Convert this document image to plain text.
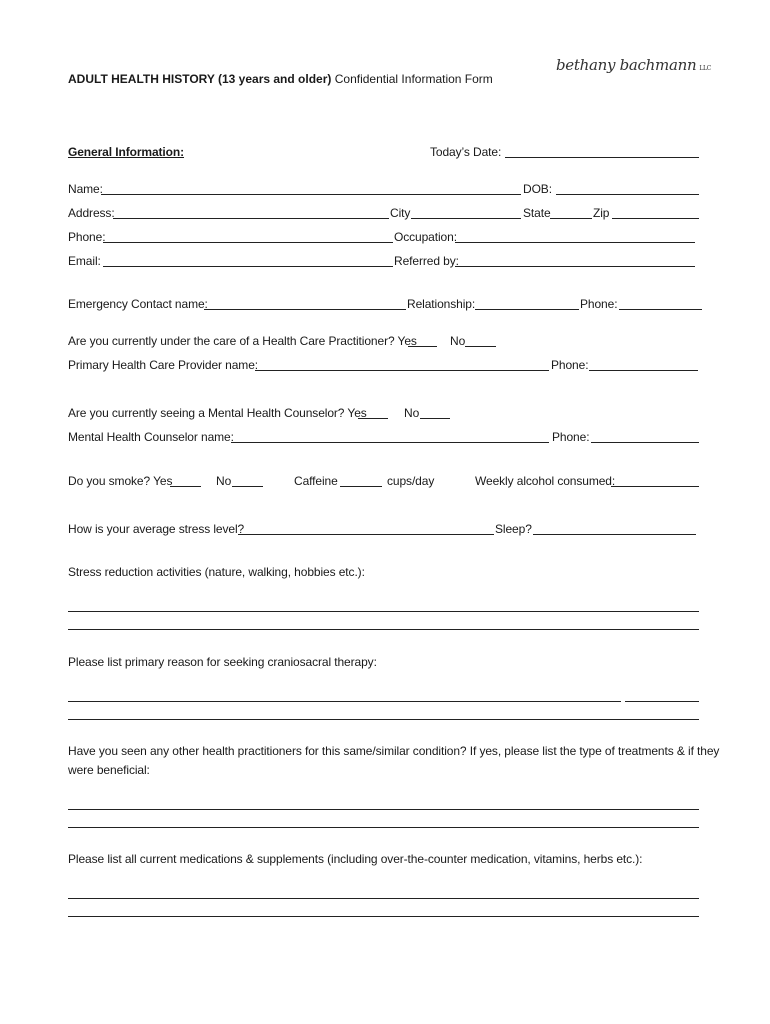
ADULT HEALTH HISTORY (13 years and older) Confidential Information Form
bethany bachmann LLC
General Information:	Today’s Date:
Name:	DOB:
Address:	City	State	Zip
Phone:	Occupation:
Email:	Referred by:
Emergency Contact name:	Relationship:	Phone:
Are you currently under the care of a Health Care Practitioner? Yes	No
Primary Health Care Provider name:	Phone:
Are you currently seeing a Mental Health Counselor? Yes	No
Mental Health Counselor name:	Phone:
Do you smoke? Yes	No	Caffeine	cups/day	Weekly alcohol consumed:
How is your average stress level?	Sleep?
Stress reduction activities (nature, walking, hobbies etc.):
Please list primary reason for seeking craniosacral therapy:
Have you seen any other health practitioners for this same/similar condition? If yes, please list the type of treatments & if they
were beneficial:
Please list all current medications & supplements (including over-the-counter medication, vitamins, herbs etc.):
